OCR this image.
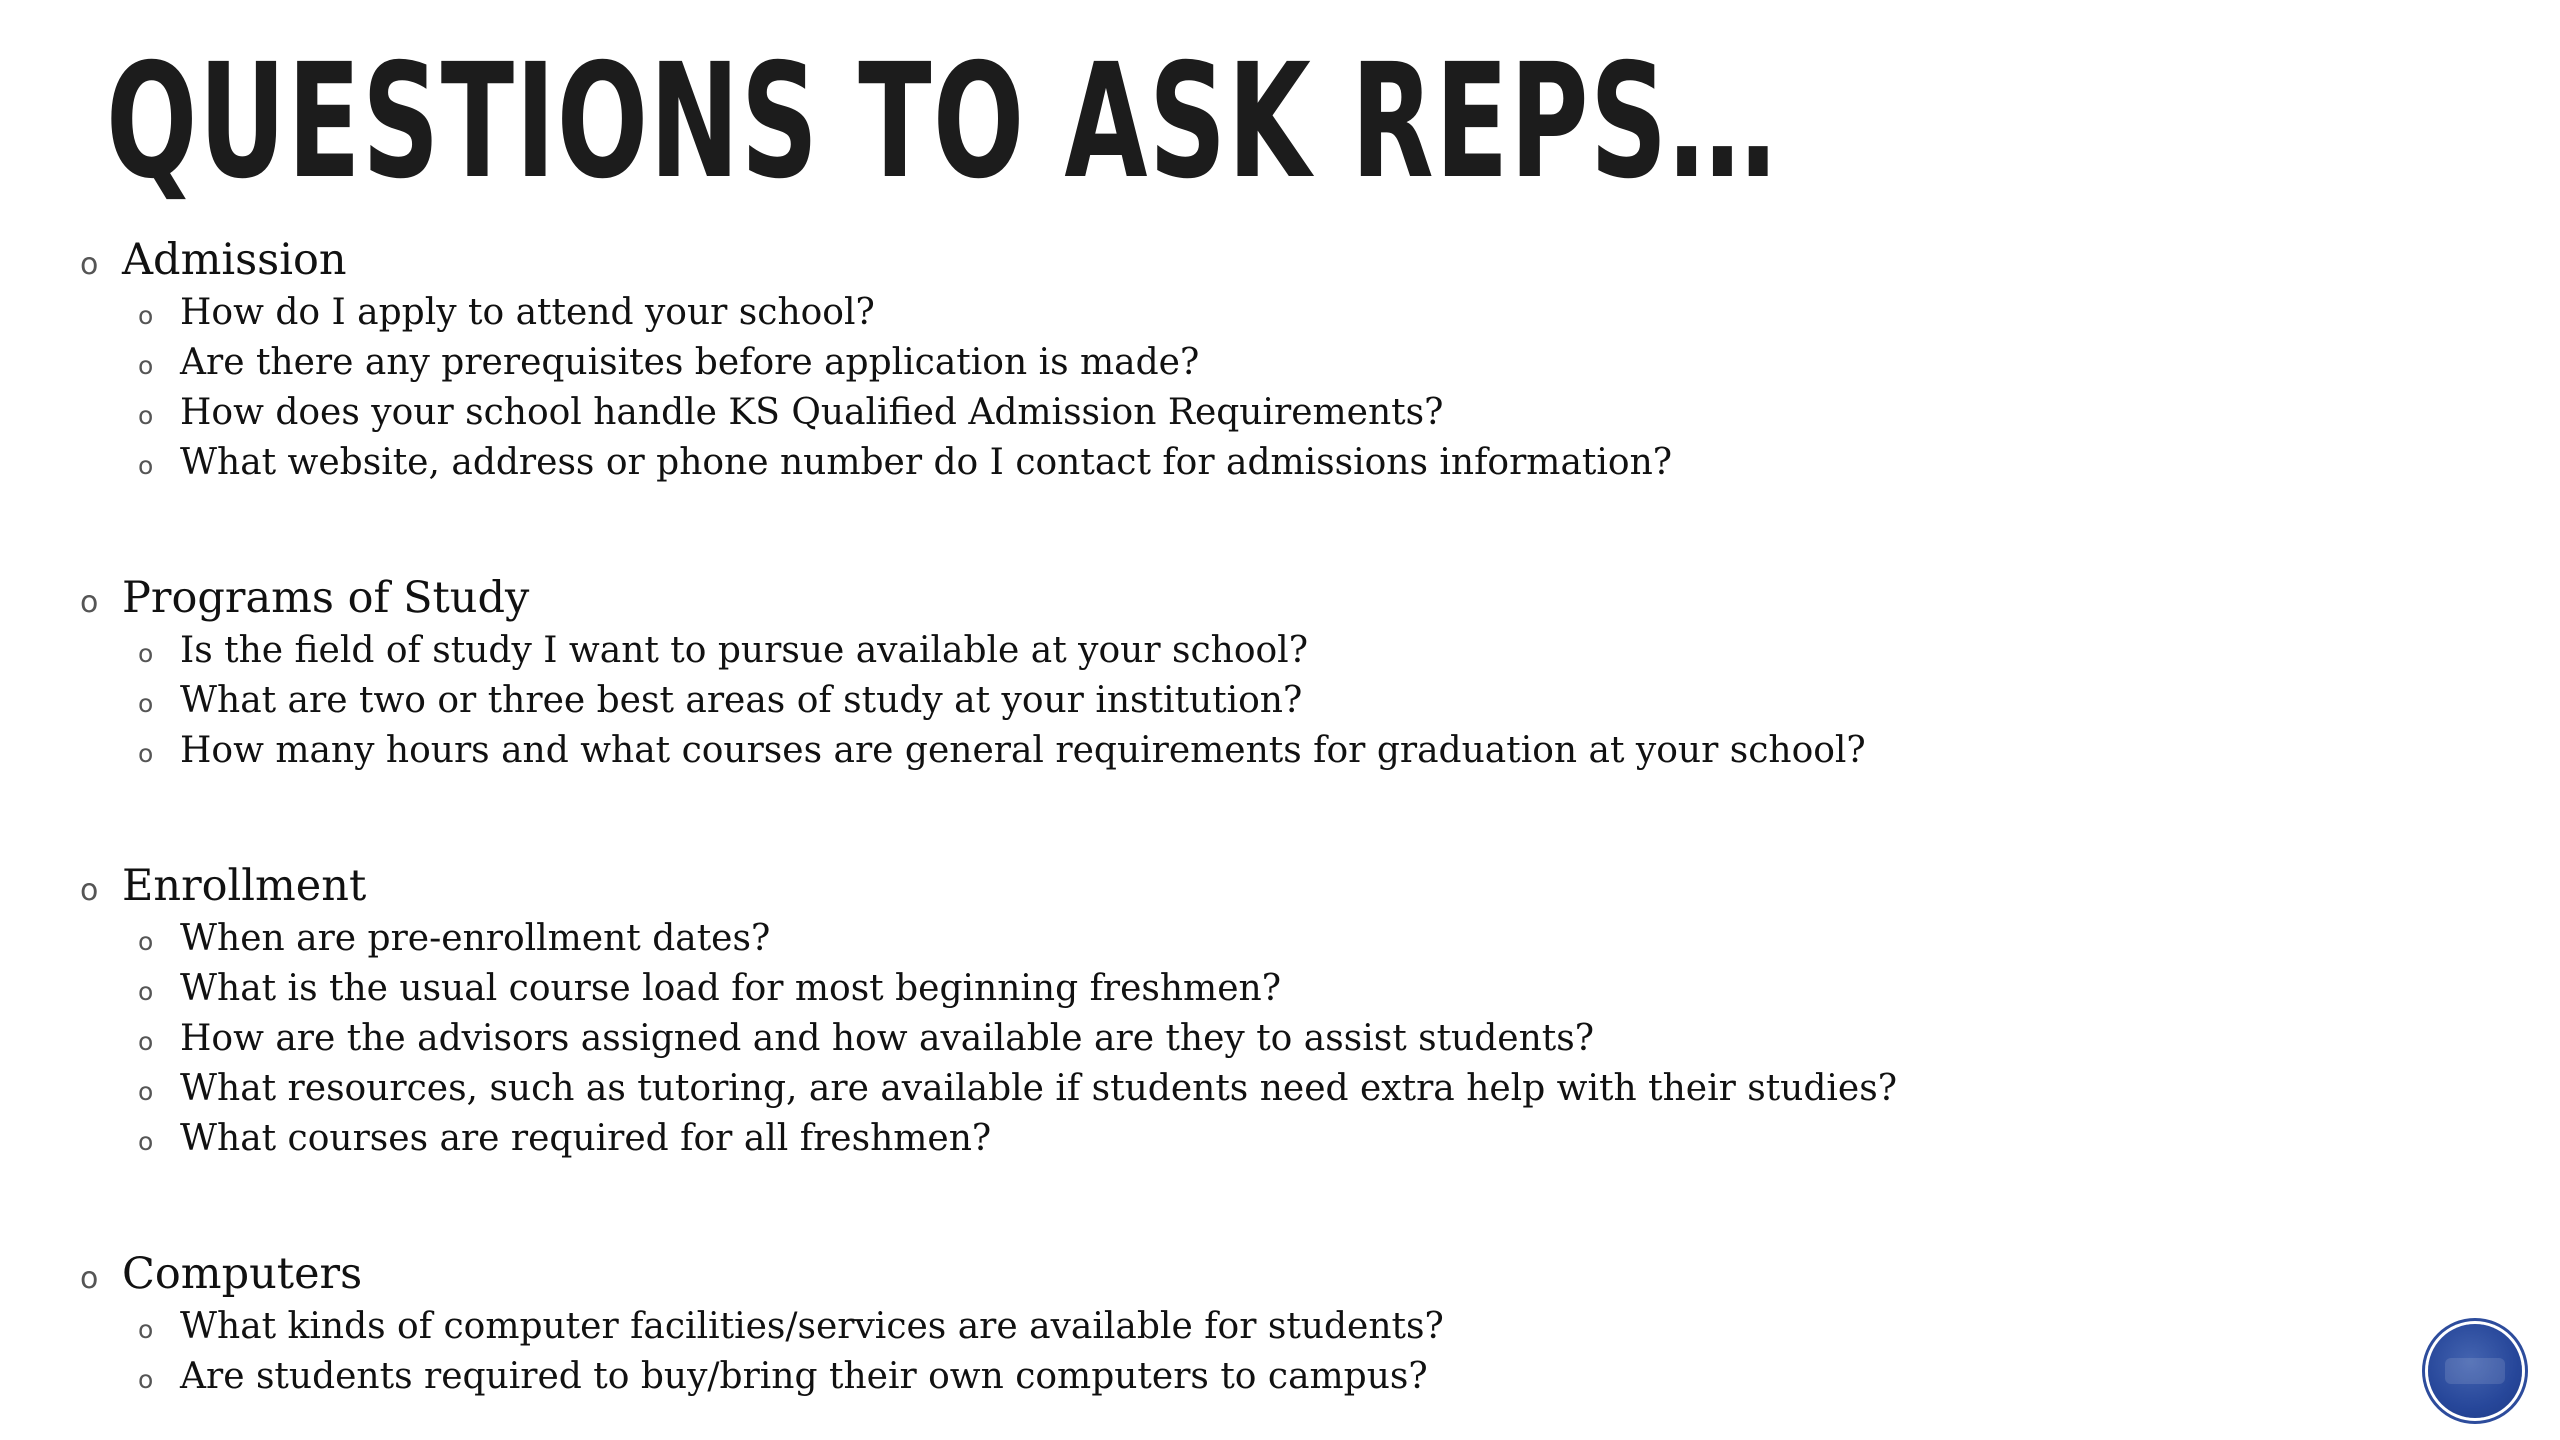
QUESTIONS TO ASK REPS…
o Admission
o How do I apply to attend your school?
o Are there any prerequisites before application is made?
o How does your school handle KS Qualified Admission Requirements?
o What website, address or phone number do I contact for admissions information?
o Programs of Study
o Is the field of study I want to pursue available at your school?
o What are two or three best areas of study at your institution?
o How many hours and what courses are general requirements for graduation at your school?
o Enrollment
o When are pre-enrollment dates?
o What is the usual course load for most beginning freshmen?
o How are the advisors assigned and how available are they to assist students?
o What resources, such as tutoring, are available if students need extra help with their studies?
o What courses are required for all freshmen?
o Computers
o What kinds of computer facilities/services are available for students?
o Are students required to buy/bring their own computers to campus?
